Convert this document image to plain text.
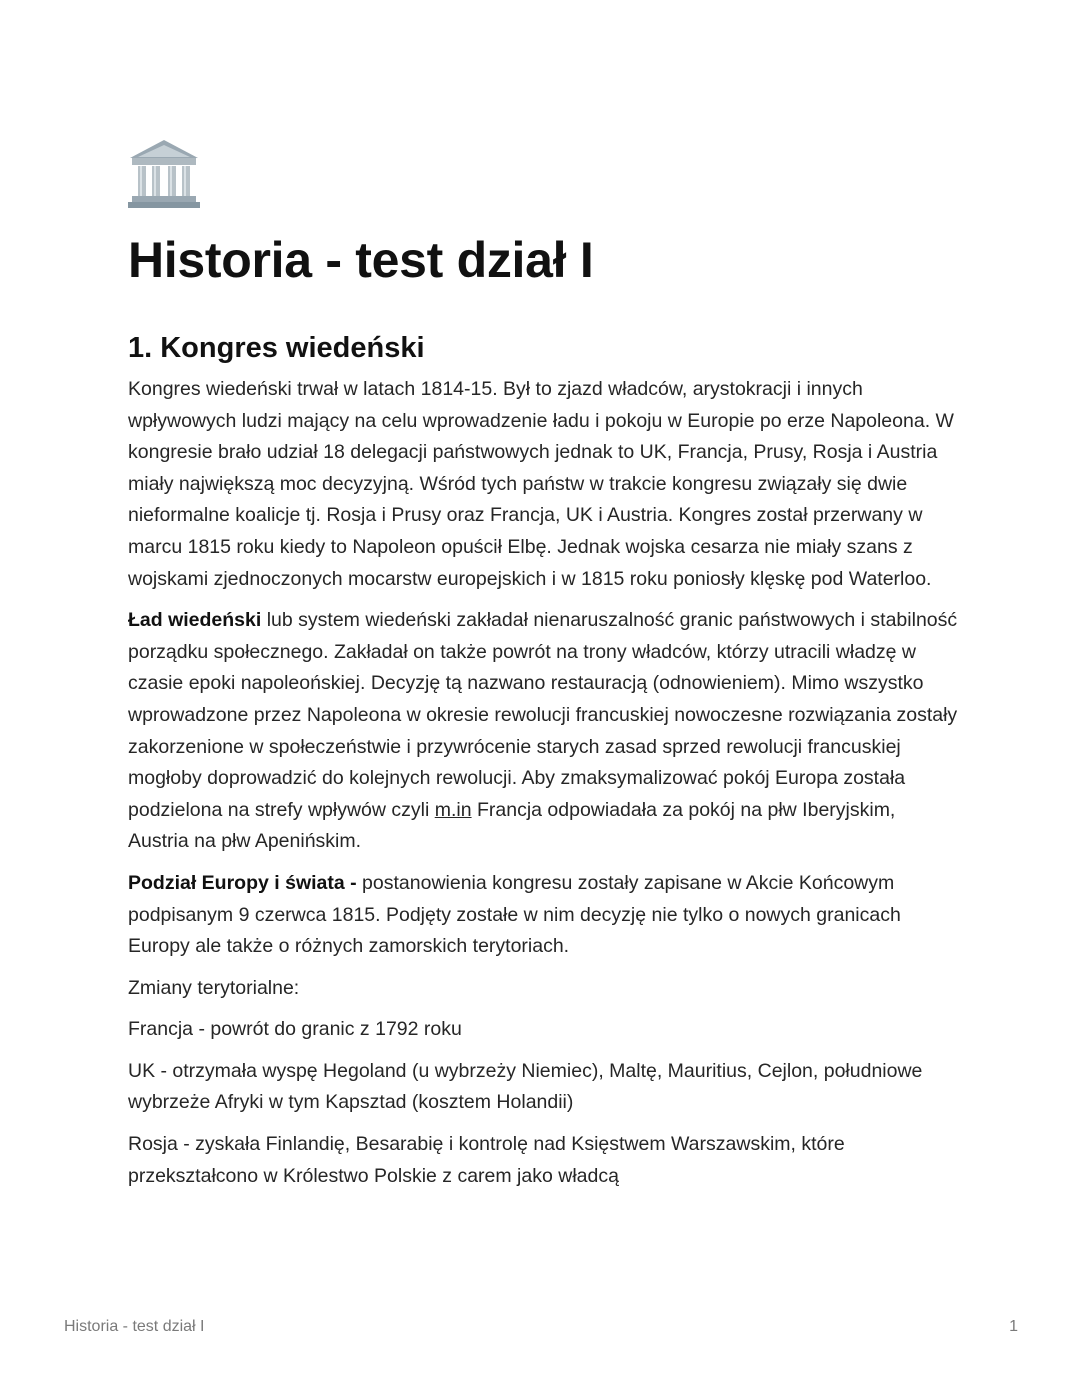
Historia - test dział I
1. Kongres wiedeński

Kongres wiedeński trwał w latach 1814-15. Był to zjazd władców, arystokracji i innych wpływowych ludzi mający na celu wprowadzenie ładu i pokoju w Europie po erze Napoleona. W kongresie brało udział 18 delegacji państwowych jednak to UK, Francja, Prusy, Rosja i Austria miały największą moc decyzyjną. Wśród tych państw w trakcie kongresu związały się dwie nieformalne koalicje tj. Rosja i Prusy oraz Francja, UK i Austria. Kongres został przerwany w marcu 1815 roku kiedy to Napoleon opuścił Elbę. Jednak wojska cesarza nie miały szans z wojskami zjednoczonych mocarstw europejskich i w 1815 roku poniosły klęskę pod Waterloo.

Ład wiedeński lub system wiedeński zakładał nienaruszalność granic państwowych i stabilność porządku społecznego. Zakładał on także powrót na trony władców, którzy utracili władzę w czasie epoki napoleońskiej. Decyzję tą nazwano restauracją (odnowieniem). Mimo wszystko wprowadzone przez Napoleona w okresie rewolucji francuskiej nowoczesne rozwiązania zostały zakorzenione w społeczeństwie i przywrócenie starych zasad sprzed rewolucji francuskiej mogłoby doprowadzić do kolejnych rewolucji. Aby zmaksymalizować pokój Europa została podzielona na strefy wpływów czyli m.in Francja odpowiadała za pokój na płw Iberyjskim, Austria na płw Apenińskim.

Podział Europy i świata - postanowienia kongresu zostały zapisane w Akcie Końcowym podpisanym 9 czerwca 1815. Podjęty zostałe w nim decyzję nie tylko o nowych granicach Europy ale także o różnych zamorskich terytoriach.

Zmiany terytorialne:

Francja - powrót do granic z 1792 roku

UK - otrzymała wyspę Hegoland (u wybrzeży Niemiec), Maltę, Mauritius, Cejlon, południowe wybrzeże Afryki w tym Kapsztad (kosztem Holandii)

Rosja - zyskała Finlandię, Besarabię i kontrolę nad Księstwem Warszawskim, które przekształcono w Królestwo Polskie z carem jako władcą

Historia - test dział I	1
